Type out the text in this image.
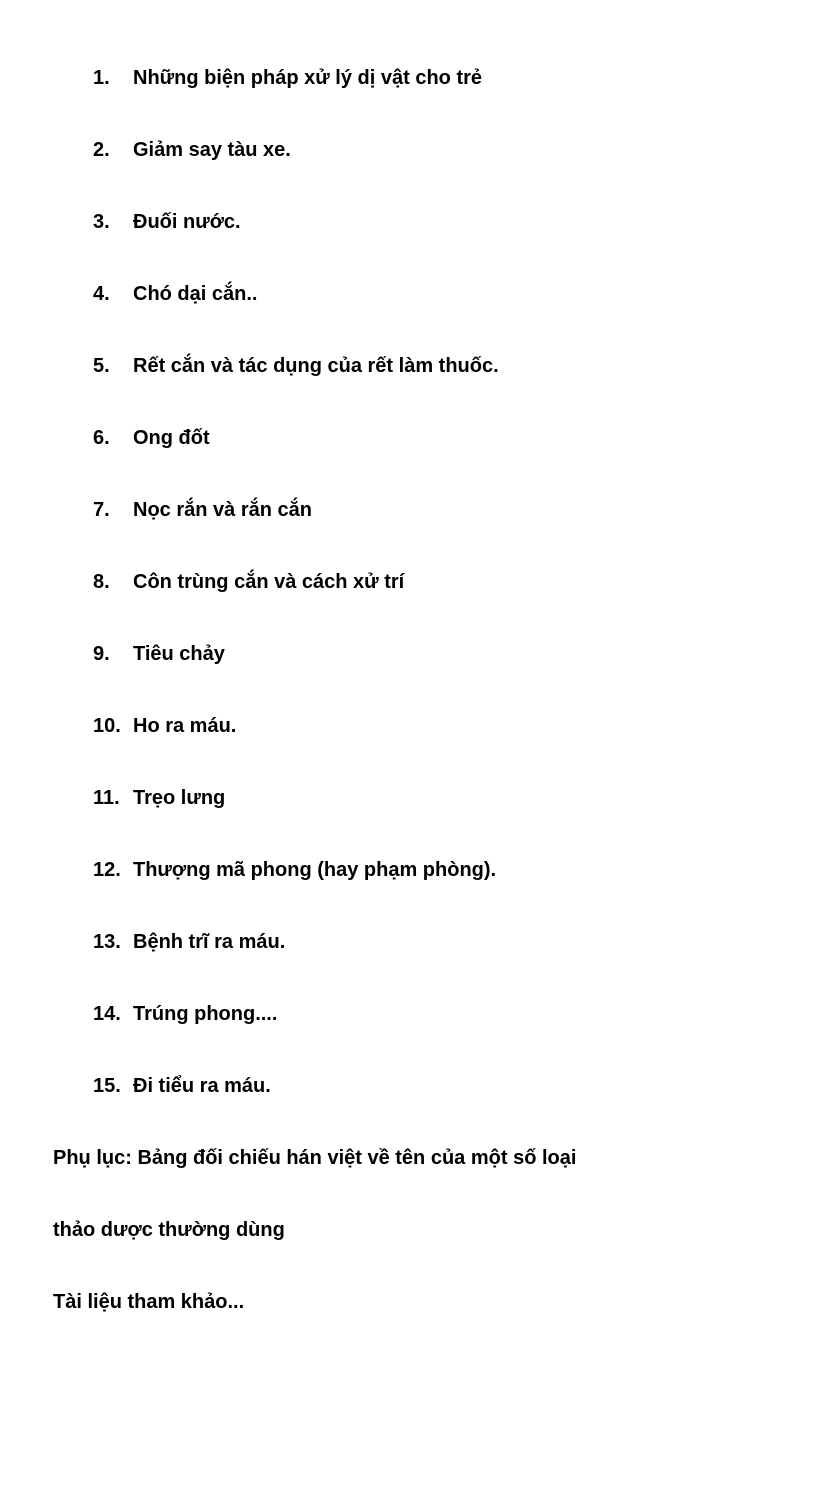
1. Những biện pháp xử lý dị vật cho trẻ
2. Giảm say tàu xe.
3. Đuối nước.
4. Chó dại cắn..
5. Rết cắn và tác dụng của rết làm thuốc.
6. Ong đốt
7. Nọc rắn và rắn cắn
8. Côn trùng cắn và cách xử trí
9. Tiêu chảy
10. Ho ra máu.
11. Trẹo lưng
12. Thượng mã phong (hay phạm phòng).
13. Bệnh trĩ ra máu.
14. Trúng phong....
15. Đi tiểu ra máu.
Phụ lục: Bảng đối chiếu hán việt về tên của một số loại
thảo dược thường dùng
Tài liệu tham khảo...
